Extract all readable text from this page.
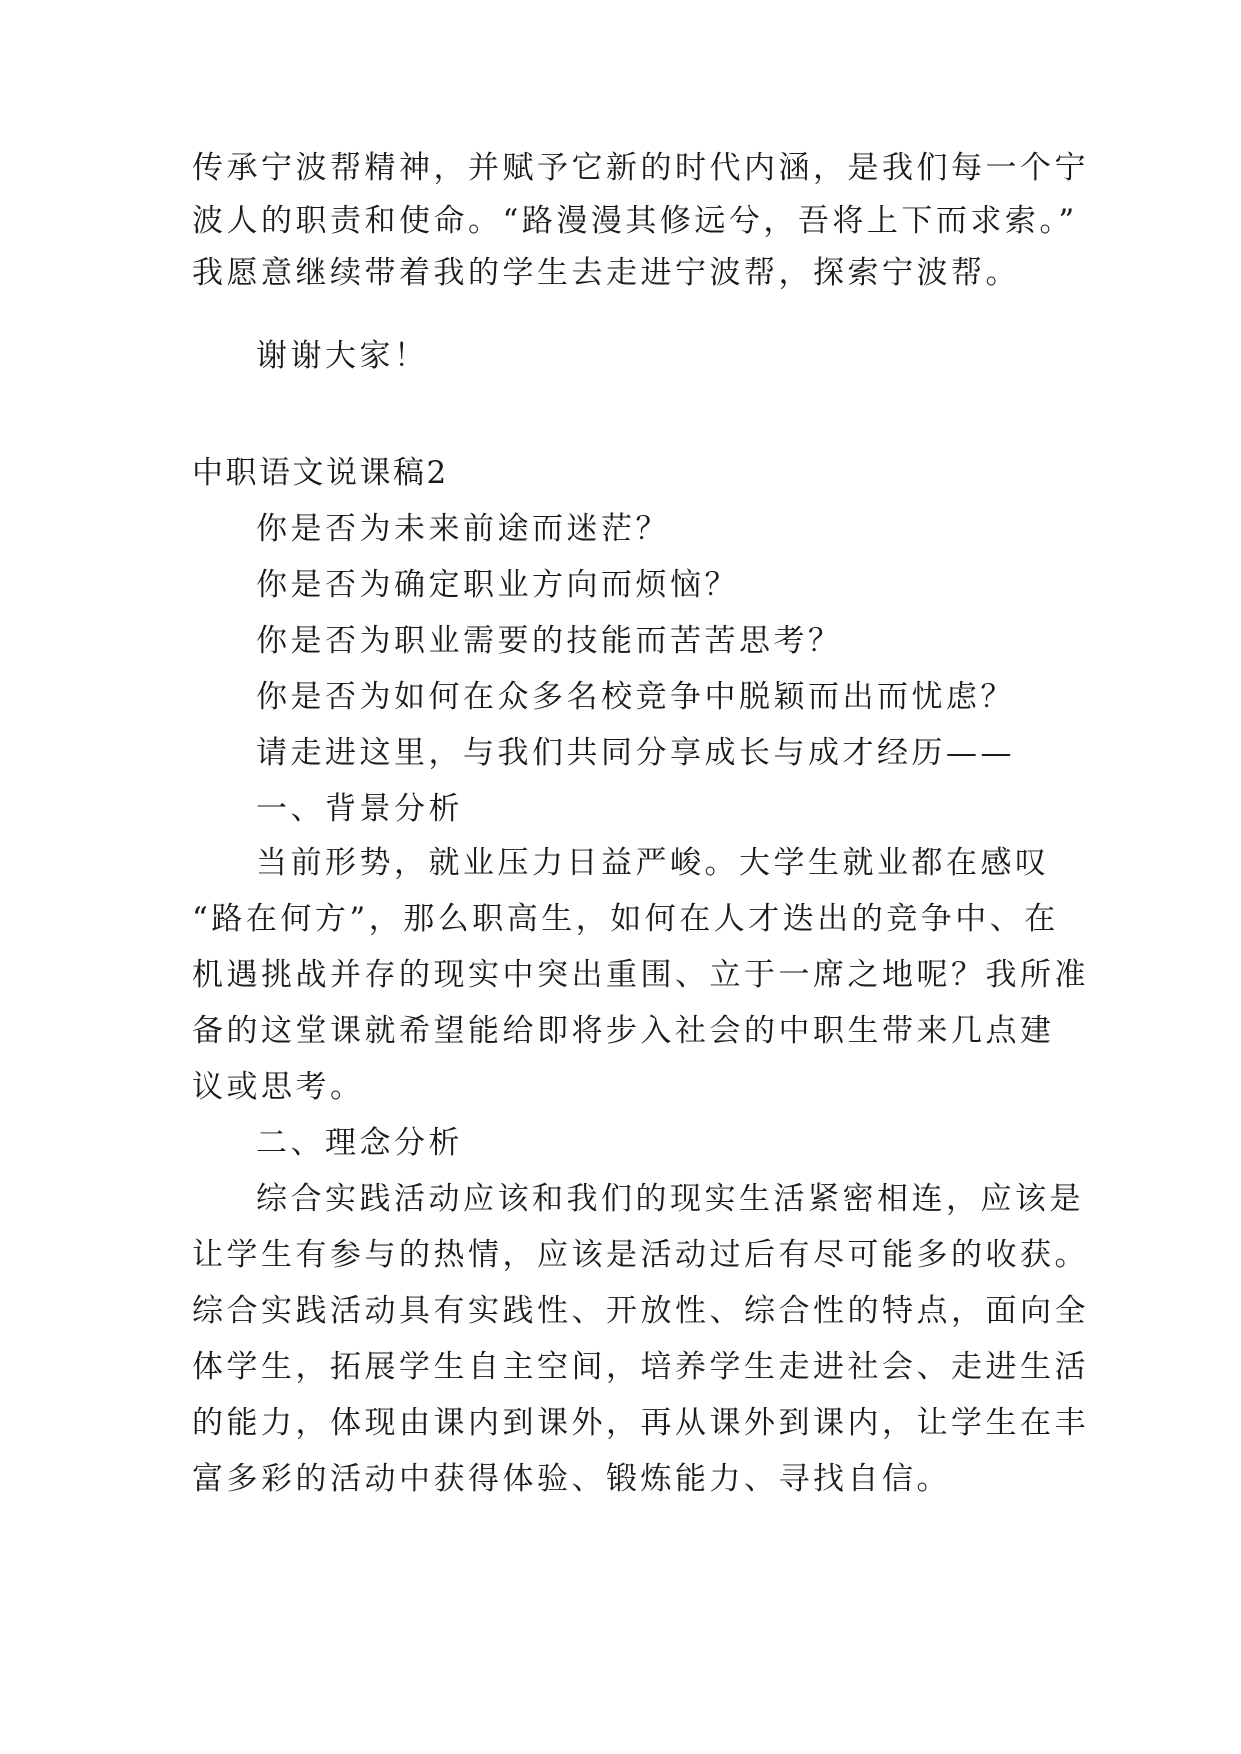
传承宁波帮精神，并赋予它新的时代内涵，是我们每一个宁

波人的职责和使命。“路漫漫其修远兮，吾将上下而求索。”

我愿意继续带着我的学生去走进宁波帮，探索宁波帮。

谢谢大家！

中职语文说课稿2

你是否为未来前途而迷茫？

你是否为确定职业方向而烦恼？

你是否为职业需要的技能而苦苦思考？

你是否为如何在众多名校竞争中脱颖而出而忧虑？

请走进这里，与我们共同分享成长与成才经历——

一、背景分析

当前形势，就业压力日益严峻。大学生就业都在感叹

“路在何方”，那么职高生，如何在人才迭出的竞争中、在

机遇挑战并存的现实中突出重围、立于一席之地呢？我所准

备的这堂课就希望能给即将步入社会的中职生带来几点建

议或思考。

二、理念分析

综合实践活动应该和我们的现实生活紧密相连，应该是

让学生有参与的热情，应该是活动过后有尽可能多的收获。

综合实践活动具有实践性、开放性、综合性的特点，面向全

体学生，拓展学生自主空间，培养学生走进社会、走进生活

的能力，体现由课内到课外，再从课外到课内，让学生在丰

富多彩的活动中获得体验、锻炼能力、寻找自信。
